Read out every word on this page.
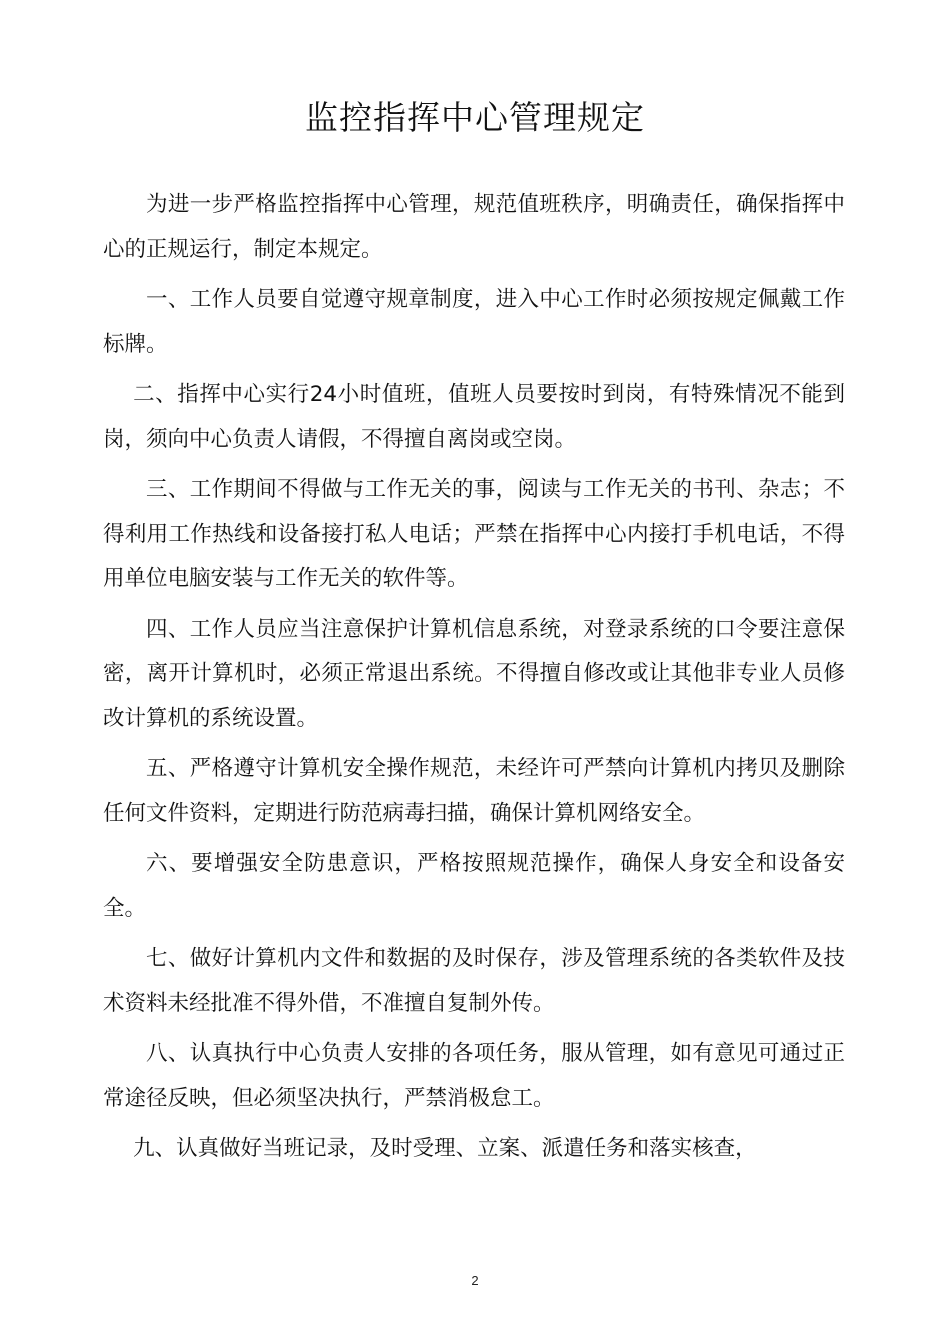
监控指挥中心管理规定

为进一步严格监控指挥中心管理，规范值班秩序，明确责任，确保指挥中心的正规运行，制定本规定。

一、工作人员要自觉遵守规章制度，进入中心工作时必须按规定佩戴工作标牌。

二、指挥中心实行24小时值班，值班人员要按时到岗，有特殊情况不能到岗，须向中心负责人请假，不得擅自离岗或空岗。

三、工作期间不得做与工作无关的事，阅读与工作无关的书刊、杂志；不得利用工作热线和设备接打私人电话；严禁在指挥中心内接打手机电话，不得用单位电脑安装与工作无关的软件等。

四、工作人员应当注意保护计算机信息系统，对登录系统的口令要注意保密，离开计算机时，必须正常退出系统。不得擅自修改或让其他非专业人员修改计算机的系统设置。

五、严格遵守计算机安全操作规范，未经许可严禁向计算机内拷贝及删除任何文件资料，定期进行防范病毒扫描，确保计算机网络安全。

六、要增强安全防患意识，严格按照规范操作，确保人身安全和设备安全。

七、做好计算机内文件和数据的及时保存，涉及管理系统的各类软件及技术资料未经批准不得外借，不准擅自复制外传。

八、认真执行中心负责人安排的各项任务，服从管理，如有意见可通过正常途径反映，但必须坚决执行，严禁消极怠工。

九、认真做好当班记录，及时受理、立案、派遣任务和落实核查，

2
